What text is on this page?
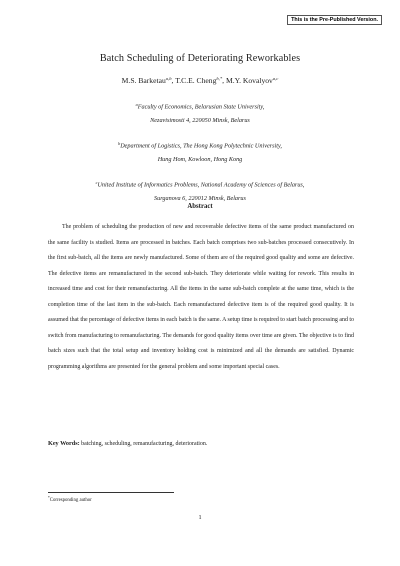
This is the Pre-Published Version.
Batch Scheduling of Deteriorating Reworkables
M.S. Barketau$^{a,b}$, T.C.E. Cheng$^{b,*}$, M.Y. Kovalyov$^{a,c}$
$^a$Faculty of Economics, Belarusian State University,
Nezavisimosti 4, 220050 Minsk, Belarus
$^b$Department of Logistics, The Hong Kong Polytechnic University,
Hung Hom, Kowloon, Hong Kong
$^c$United Institute of Informatics Problems, National Academy of Sciences of Belarus,
Surganova 6, 220012 Minsk, Belarus
Abstract

The problem of scheduling the production of new and recoverable defective items of the same product manufactured on the same facility is studied. Items are processed in batches. Each batch comprises two sub-batches processed consecutively. In the first sub-batch, all the items are newly manufactured. Some of them are of the required good quality and some are defective. The defective items are remanufactured in the second sub-batch. They deteriorate while waiting for rework. This results in increased time and cost for their remanufacturing. All the items in the same sub-batch complete at the same time, which is the completion time of the last item in the sub-batch. Each remanufactured defective item is of the required good quality. It is assumed that the percentage of defective items in each batch is the same. A setup time is required to start batch processing and to switch from manufacturing to remanufacturing. The demands for good quality items over time are given. The objective is to find batch sizes such that the total setup and inventory holding cost is minimized and all the demands are satisfied. Dynamic programming algorithms are presented for the general problem and some important special cases.

Key Words: batching, scheduling, remanufacturing, deterioration.
*Corresponding author
1
